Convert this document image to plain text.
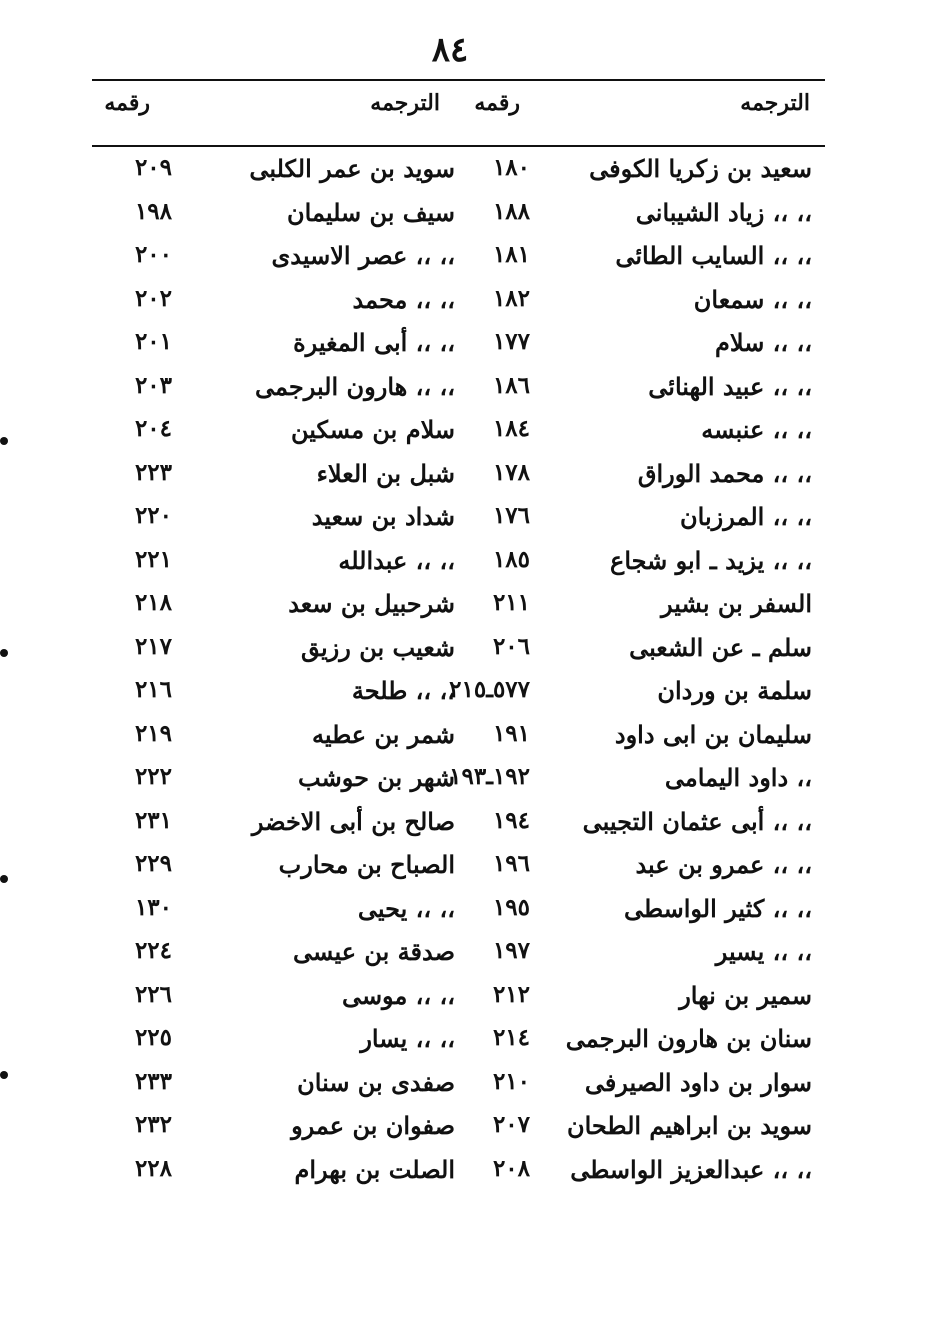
٨٤
الترجمه
رقمه
الترجمه
رقمه
سعيد بن زكريا الكوفى
١٨٠
سويد بن عمر الكلبى
٢٠٩
،، ،، زياد الشيبانى
١٨٨
سيف بن سليمان
١٩٨
،، ،، السايب الطائى
١٨١
،، ،، عصر الاسيدى
٢٠٠
،، ،، سمعان
١٨٢
،، ،، محمد
٢٠٢
،، ،، سلام
١٧٧
،، ،، أبى المغيرة
٢٠١
،، ،، عبيد الهنائى
١٨٦
،، ،، هارون البرجمى
٢٠٣
،، ،، عنبسه
١٨٤
سلام بن مسكين
٢٠٤
،، ،، محمد الوراق
١٧٨
شبل بن العلاء
٢٢٣
،، ،، المرزبان
١٧٦
شداد بن سعيد
٢٢٠
،، ،، يزيد ـ ابو شجاع
١٨٥
،، ،، عبدالله
٢٢١
السفر بن بشير
٢١١
شرحبيل بن سعد
٢١٨
سلم ـ عن الشعبى
٢٠٦
شعيب بن رزيق
٢١٧
سلمة بن وردان
٥٧٧ـ٢١٥
،، ،، طلحة
٢١٦
سليمان بن ابى داود
١٩١
شمر بن عطيه
٢١٩
،، داود اليمامى
١٩٢ـ١٩٣
شهر بن حوشب
٢٢٢
،، ،، أبى عثمان التجيبى
١٩٤
صالح بن أبى الاخضر
٢٣١
،، ،، عمرو بن عبد
١٩٦
الصباح بن محارب
٢٢٩
،، ،، كثير الواسطى
١٩٥
،، ،، يحيى
١٣٠
،، ،، يسير
١٩٧
صدقة بن عيسى
٢٢٤
سمير بن نهار
٢١٢
،، ،، موسى
٢٢٦
سنان بن هارون البرجمى
٢١٤
،، ،، يسار
٢٢٥
سوار بن داود الصيرفى
٢١٠
صفدى بن سنان
٢٣٣
سويد بن ابراهيم الطحان
٢٠٧
صفوان بن عمرو
٢٣٢
،، ،، عبدالعزيز الواسطى
٢٠٨
الصلت بن بهرام
٢٢٨
